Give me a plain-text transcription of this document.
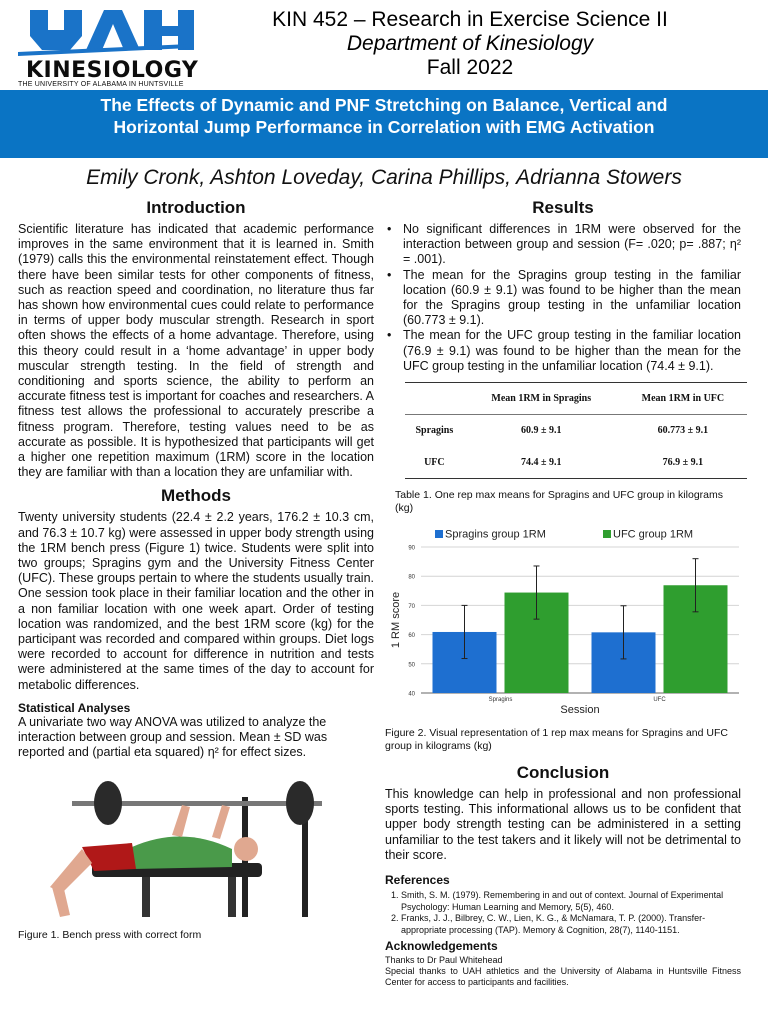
KINESIOLOGY
THE UNIVERSITY OF ALABAMA IN HUNTSVILLE
KIN 452 – Research in Exercise Science II
Department of Kinesiology
Fall 2022
The Effects of Dynamic and PNF Stretching on Balance, Vertical and
Horizontal Jump Performance in Correlation with EMG Activation
Emily Cronk, Ashton Loveday, Carina Phillips, Adrianna Stowers
Introduction

Scientific literature has indicated that academic performance improves in the same environment that it is learned in. Smith (1979) calls this the environmental reinstatement effect. Though there have been similar tests for other components of fitness, such as reaction speed and coordination, no literature thus far has shown how environmental cues could relate to performance in terms of upper body muscular strength. Research in sport often shows the effects of a home advantage. Therefore, using this theory could result in a ‘home advantage’ in upper body muscular strength testing. In the field of strength and conditioning and sports science, the ability to perform an accurate fitness test is important for coaches and researchers. A fitness test allows the professional to accurately prescribe a fitness program. Therefore, testing values need to be as accurate as possible. It is hypothesized that participants will get a higher one repetition maximum (1RM) score in the location they are familiar with than a location they are unfamiliar with.

Methods

Twenty university students (22.4 ± 2.2 years, 176.2 ± 10.3 cm, and 76.3 ± 10.7 kg) were assessed in upper body strength using the 1RM bench press (Figure 1) twice. Students were split into two groups; Spragins gym and the University Fitness Center (UFC). These groups pertain to where the students usually train. One session took place in their familiar location and the other in a non familiar location with one week apart. Order of testing location was randomized, and the best 1RM score (kg) for the participant was recorded and compared within groups. Diet logs were recorded to account for difference in nutrition and tests were administered at the same times of the day to account for metabolic differences.

Statistical Analyses

A univariate two way ANOVA was utilized to analyze the interaction between group and session. Mean ± SD was reported and (partial eta squared) η² for effect sizes.

Figure 1. Bench press with correct form
Results
• No significant differences in 1RM were observed for the interaction between group and session (F= .020; p= .887; η² = .001).
• The mean for the Spragins group testing in the familiar location (60.9 ± 9.1) was found to be higher than the mean for the Spragins group testing in the unfamiliar location (60.773 ± 9.1).
• The mean for the UFC group testing in the familiar location (76.9 ± 9.1) was found to be higher than the mean for the UFC group testing in the unfamiliar location (74.4 ± 9.1).
	Mean 1RM in Spragins	Mean 1RM in UFC
Spragins	60.9 ± 9.1	60.773 ± 9.1
UFC	74.4 ± 9.1	76.9 ± 9.1
Table 1. One rep max means for Spragins and UFC group in kilograms (kg)
40
50
60
70
80
90
Spragins	UFC
Session
1 RM score
Spragins group 1RM	UFC group 1RM
Figure 2. Visual representation of 1 rep max means for Spragins and UFC group in kilograms (kg)
Conclusion

This knowledge can help in professional and non professional sports testing. This informational allows us to be confident that upper body strength testing can be administered in a setting unfamiliar to the test takers and it likely will not be detrimental to their score.

References
1. Smith, S. M. (1979). Remembering in and out of context. Journal of Experimental Psychology: Human Learning and Memory, 5(5), 460.
2. Franks, J. J., Bilbrey, C. W., Lien, K. G., & McNamara, T. P. (2000). Transfer-appropriate processing (TAP). Memory & Cognition, 28(7), 1140-1151.
Acknowledgements
Thanks to Dr Paul Whitehead
Special thanks to UAH athletics and the University of Alabama in Huntsville Fitness Center for access to participants and facilities.
